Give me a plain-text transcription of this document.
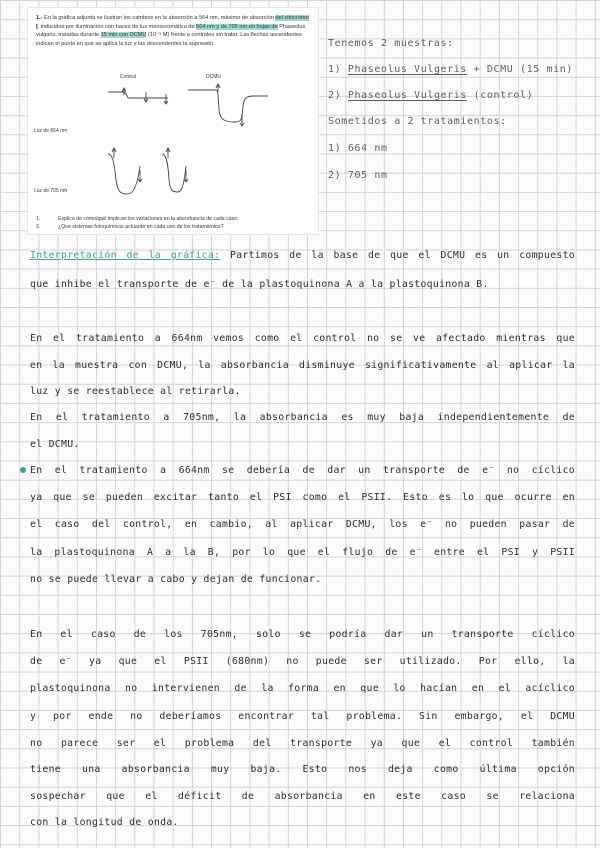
1.- En la gráfica adjunta se ilustran los cambios en la absorción a 564 nm, máximo de absorción del citocromo f, inducidos por iluminación con haces de luz monocromática de 664 nm y de 705 nm en hojas de Phaseolus vulgaris, tratadas durante 15 min con DCMU (10⁻⁵ M) frente a controles sin tratar. Las flechas ascendentes indican el punto en que se aplica la luz y las descendentes la supresión.
Control	DCMU
Luz de 664 nm
Luz de 705 nm
1.	Explica de cómo/qué implican los variaciones en la absorbancia de cada caso.
2.	¿Qué sistemas fotoquímicos actuarán en cada uno de los tratamientos?
Tenemos 2 muestras:
1) Phaseolus Vulgeris + DCMU (15 min)
2) Phaseolus Vulgeris (control)
Sometidos a 2 tratamientos:
1) 664 nm
2) 705 nm
Interpretación de la gráfica: Partimos de la base de que el DCMU es un compuesto
que inhibe el transporte de e⁻ de la plastoquinona A a la plastoquinona B.
En el tratamiento a 664nm vemos como el control no se ve afectado mientras que
en la muestra con DCMU, la absorbancia disminuye significativamente al aplicar la
luz y se reestablece al retirarla.
En el tratamiento a 705nm, la absorbancia es muy baja independientemente de
el DCMU.
En el tratamiento a 664nm se debería de dar un transporte de e⁻ no cíclico
ya que se pueden excitar tanto el PSI como el PSII. Esto es lo que ocurre en
el caso del control, en cambio, al aplicar DCMU, los e⁻ no pueden pasar de
la plastoquinona A a la B, por lo que el flujo de e⁻ entre el PSI y PSII
no se puede llevar a cabo y dejan de funcionar.
En el caso de los 705nm, solo se podría dar un transporte cíclico
de e⁻ ya que el PSII (680nm) no puede ser utilizado. Por ello, la
plastoquinona no intervienen de la forma en que lo hacían en el acíclico
y por ende no deberíamos encontrar tal problema. Sin embargo, el DCMU
no parece ser el problema del transporte ya que el control también
tiene una absorbancia muy baja. Esto nos deja como última opción
sospechar que el déficit de absorbancia en este caso se relaciona
con la longitud de onda.
